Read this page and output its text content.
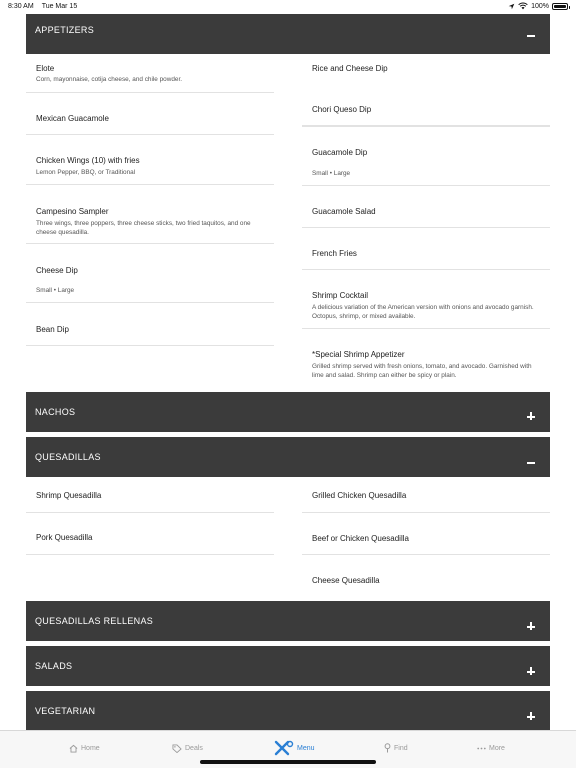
8:30 AM Tue Mar 15	100%
APPETIZERS
Elote
Corn, mayonnaise, cotija cheese, and chile powder.
Mexican Guacamole
Chicken Wings (10) with fries
Lemon Pepper, BBQ, or Traditional
Campesino Sampler
Three wings, three poppers, three cheese sticks, two fried taquitos, and one cheese quesadilla.
Cheese Dip
Small • Large
Bean Dip
Rice and Cheese Dip
Chori Queso Dip
Guacamole Dip
Small • Large
Guacamole Salad
French Fries
Shrimp Cocktail
A delicious variation of the American version with onions and avocado garnish. Octopus, shrimp, or mixed available.
*Special Shrimp Appetizer
Grilled shrimp served with fresh onions, tomato, and avocado. Garnished with lime and salad. Shrimp can either be spicy or plain.
NACHOS
QUESADILLAS
Shrimp Quesadilla
Pork Quesadilla
Grilled Chicken Quesadilla
Beef or Chicken Quesadilla
Cheese Quesadilla
QUESADILLAS RELLENAS
SALADS
VEGETARIAN
Home	Deals	Menu	Find	More
